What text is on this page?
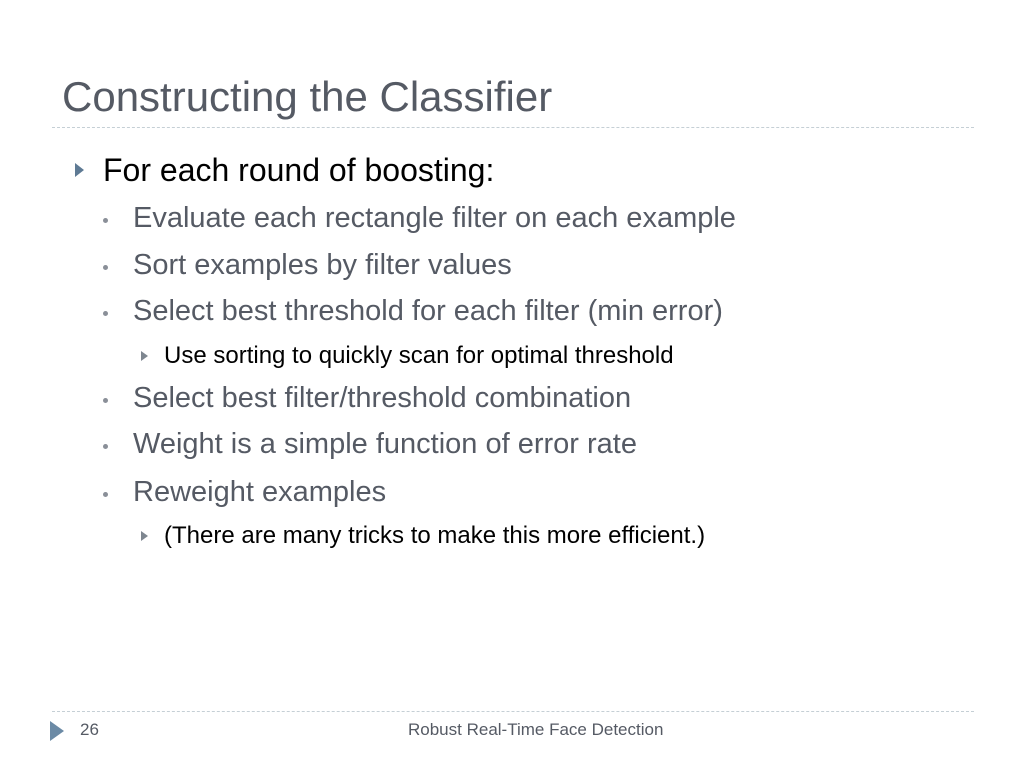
Constructing the Classifier
For each round of boosting:
Evaluate each rectangle filter on each example
Sort examples by filter values
Select best threshold for each filter (min error)
Use sorting to quickly scan for optimal threshold
Select best filter/threshold combination
Weight is a simple function of error rate
Reweight examples
(There are many tricks to make this more efficient.)
26	Robust Real-Time Face Detection
